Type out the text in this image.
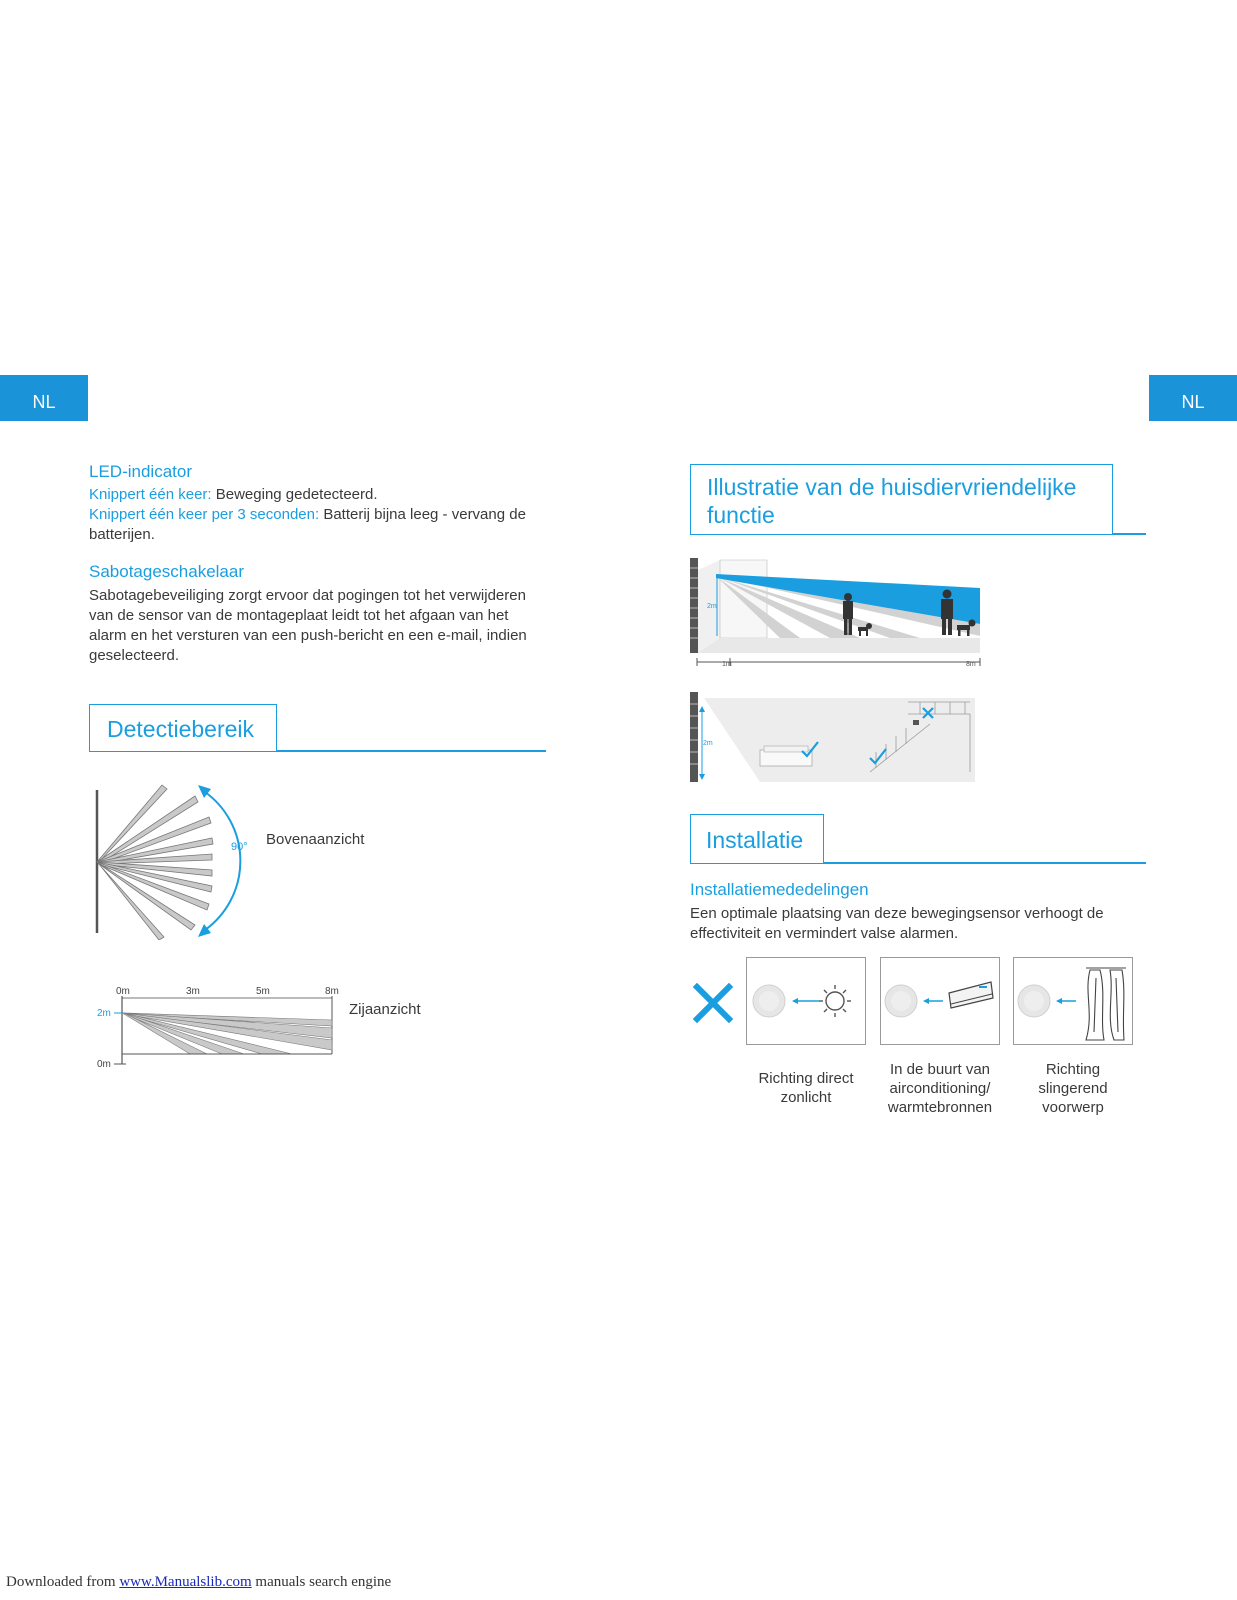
NL	NL
LED-indicator
Knippert één keer: Beweging gedetecteerd.
Knippert één keer per 3 seconden: Batterij bijna leeg - vervang de batterijen.
Sabotageschakelaar
Sabotagebeveiliging zorgt ervoor dat pogingen tot het verwijderen van de sensor van de montageplaat leidt tot het afgaan van het alarm en het versturen van een push-bericht en een e-mail, indien geselecteerd.
Detectiebereik
90° Bovenaanzicht
0m	3m	5m	8m
2m
0m
Zijaanzicht
Illustratie van de huisdiervriendelijke functie
2m
1m	8m
2m
Installatie
Installatiemededelingen
Een optimale plaatsing van deze bewegingsensor verhoogt de effectiviteit en vermindert valse alarmen.
Richting direct zonlicht
In de buurt van airconditioning/ warmtebronnen
Richting slingerend voorwerp
Downloaded from www.Manualslib.com manuals search engine
